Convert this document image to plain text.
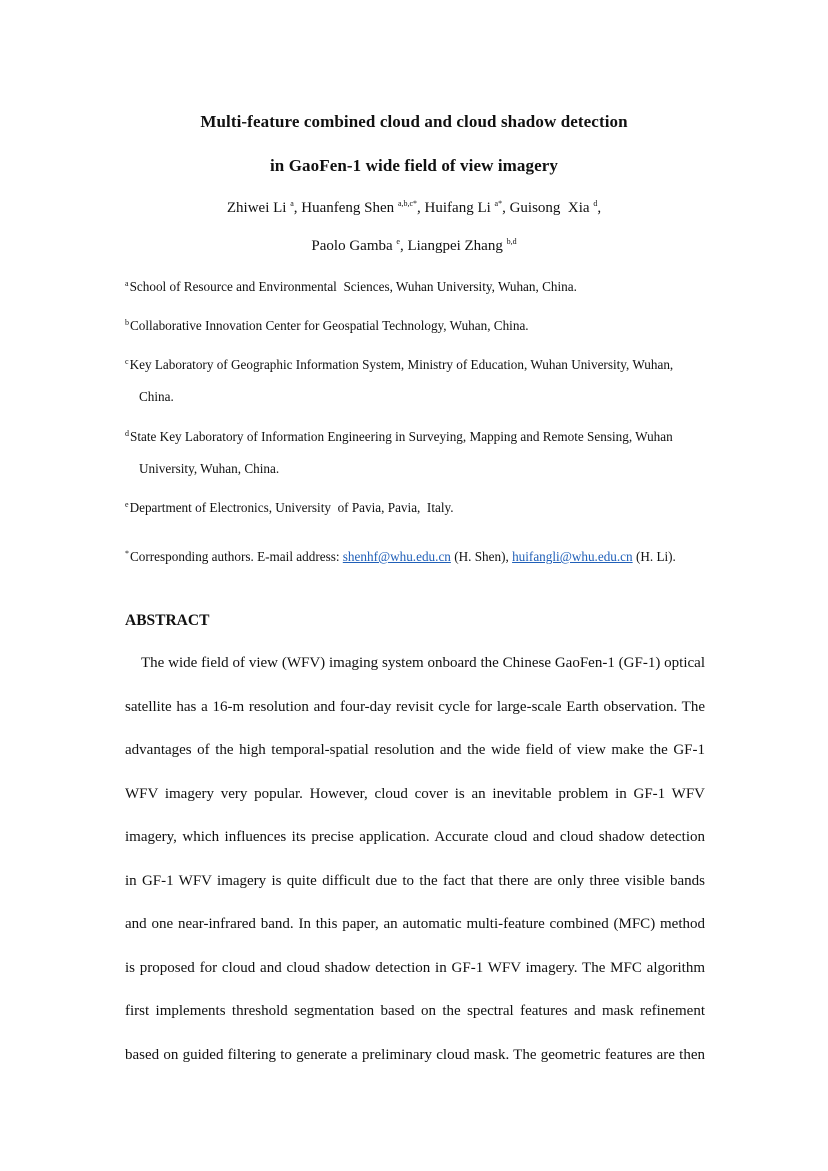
Multi-feature combined cloud and cloud shadow detection
in GaoFen-1 wide field of view imagery
Zhiwei Li $^a$, Huanfeng Shen $^{a,b,c*}$, Huifang Li $^{a*}$, Guisong  Xia $^d$,
Paolo Gamba $^e$, Liangpei Zhang $^{b,d}$
$^a$School of Resource and Environmental  Sciences, Wuhan University, Wuhan, China.
$^b$Collaborative Innovation Center for Geospatial Technology, Wuhan, China.
$^c$Key Laboratory of Geographic Information System, Ministry of Education, Wuhan University, Wuhan,
China.
$^d$State Key Laboratory of Information Engineering in Surveying, Mapping and Remote Sensing, Wuhan
University, Wuhan, China.
$^e$Department of Electronics, University  of Pavia, Pavia,  Italy.
*Corresponding authors. E-mail address: shenhf@whu.edu.cn (H. Shen), huifangli@whu.edu.cn (H. Li).
ABSTRACT
The wide field of view (WFV) imaging system onboard the Chinese GaoFen-1 (GF-1) optical
satellite has a 16-m resolution and four-day revisit cycle for large-scale Earth observation. The
advantages of the high temporal-spatial resolution and the wide field of view make the GF-1
WFV imagery very popular. However, cloud cover is an inevitable problem in GF-1 WFV
imagery, which influences its precise application. Accurate cloud and cloud shadow detection
in GF-1 WFV imagery is quite difficult due to the fact that there are only three visible bands
and one near-infrared band. In this paper, an automatic multi-feature combined (MFC) method
is proposed for cloud and cloud shadow detection in GF-1 WFV imagery. The MFC algorithm
first implements threshold segmentation based on the spectral features and mask refinement
based on guided filtering to generate a preliminary cloud mask. The geometric features are then
